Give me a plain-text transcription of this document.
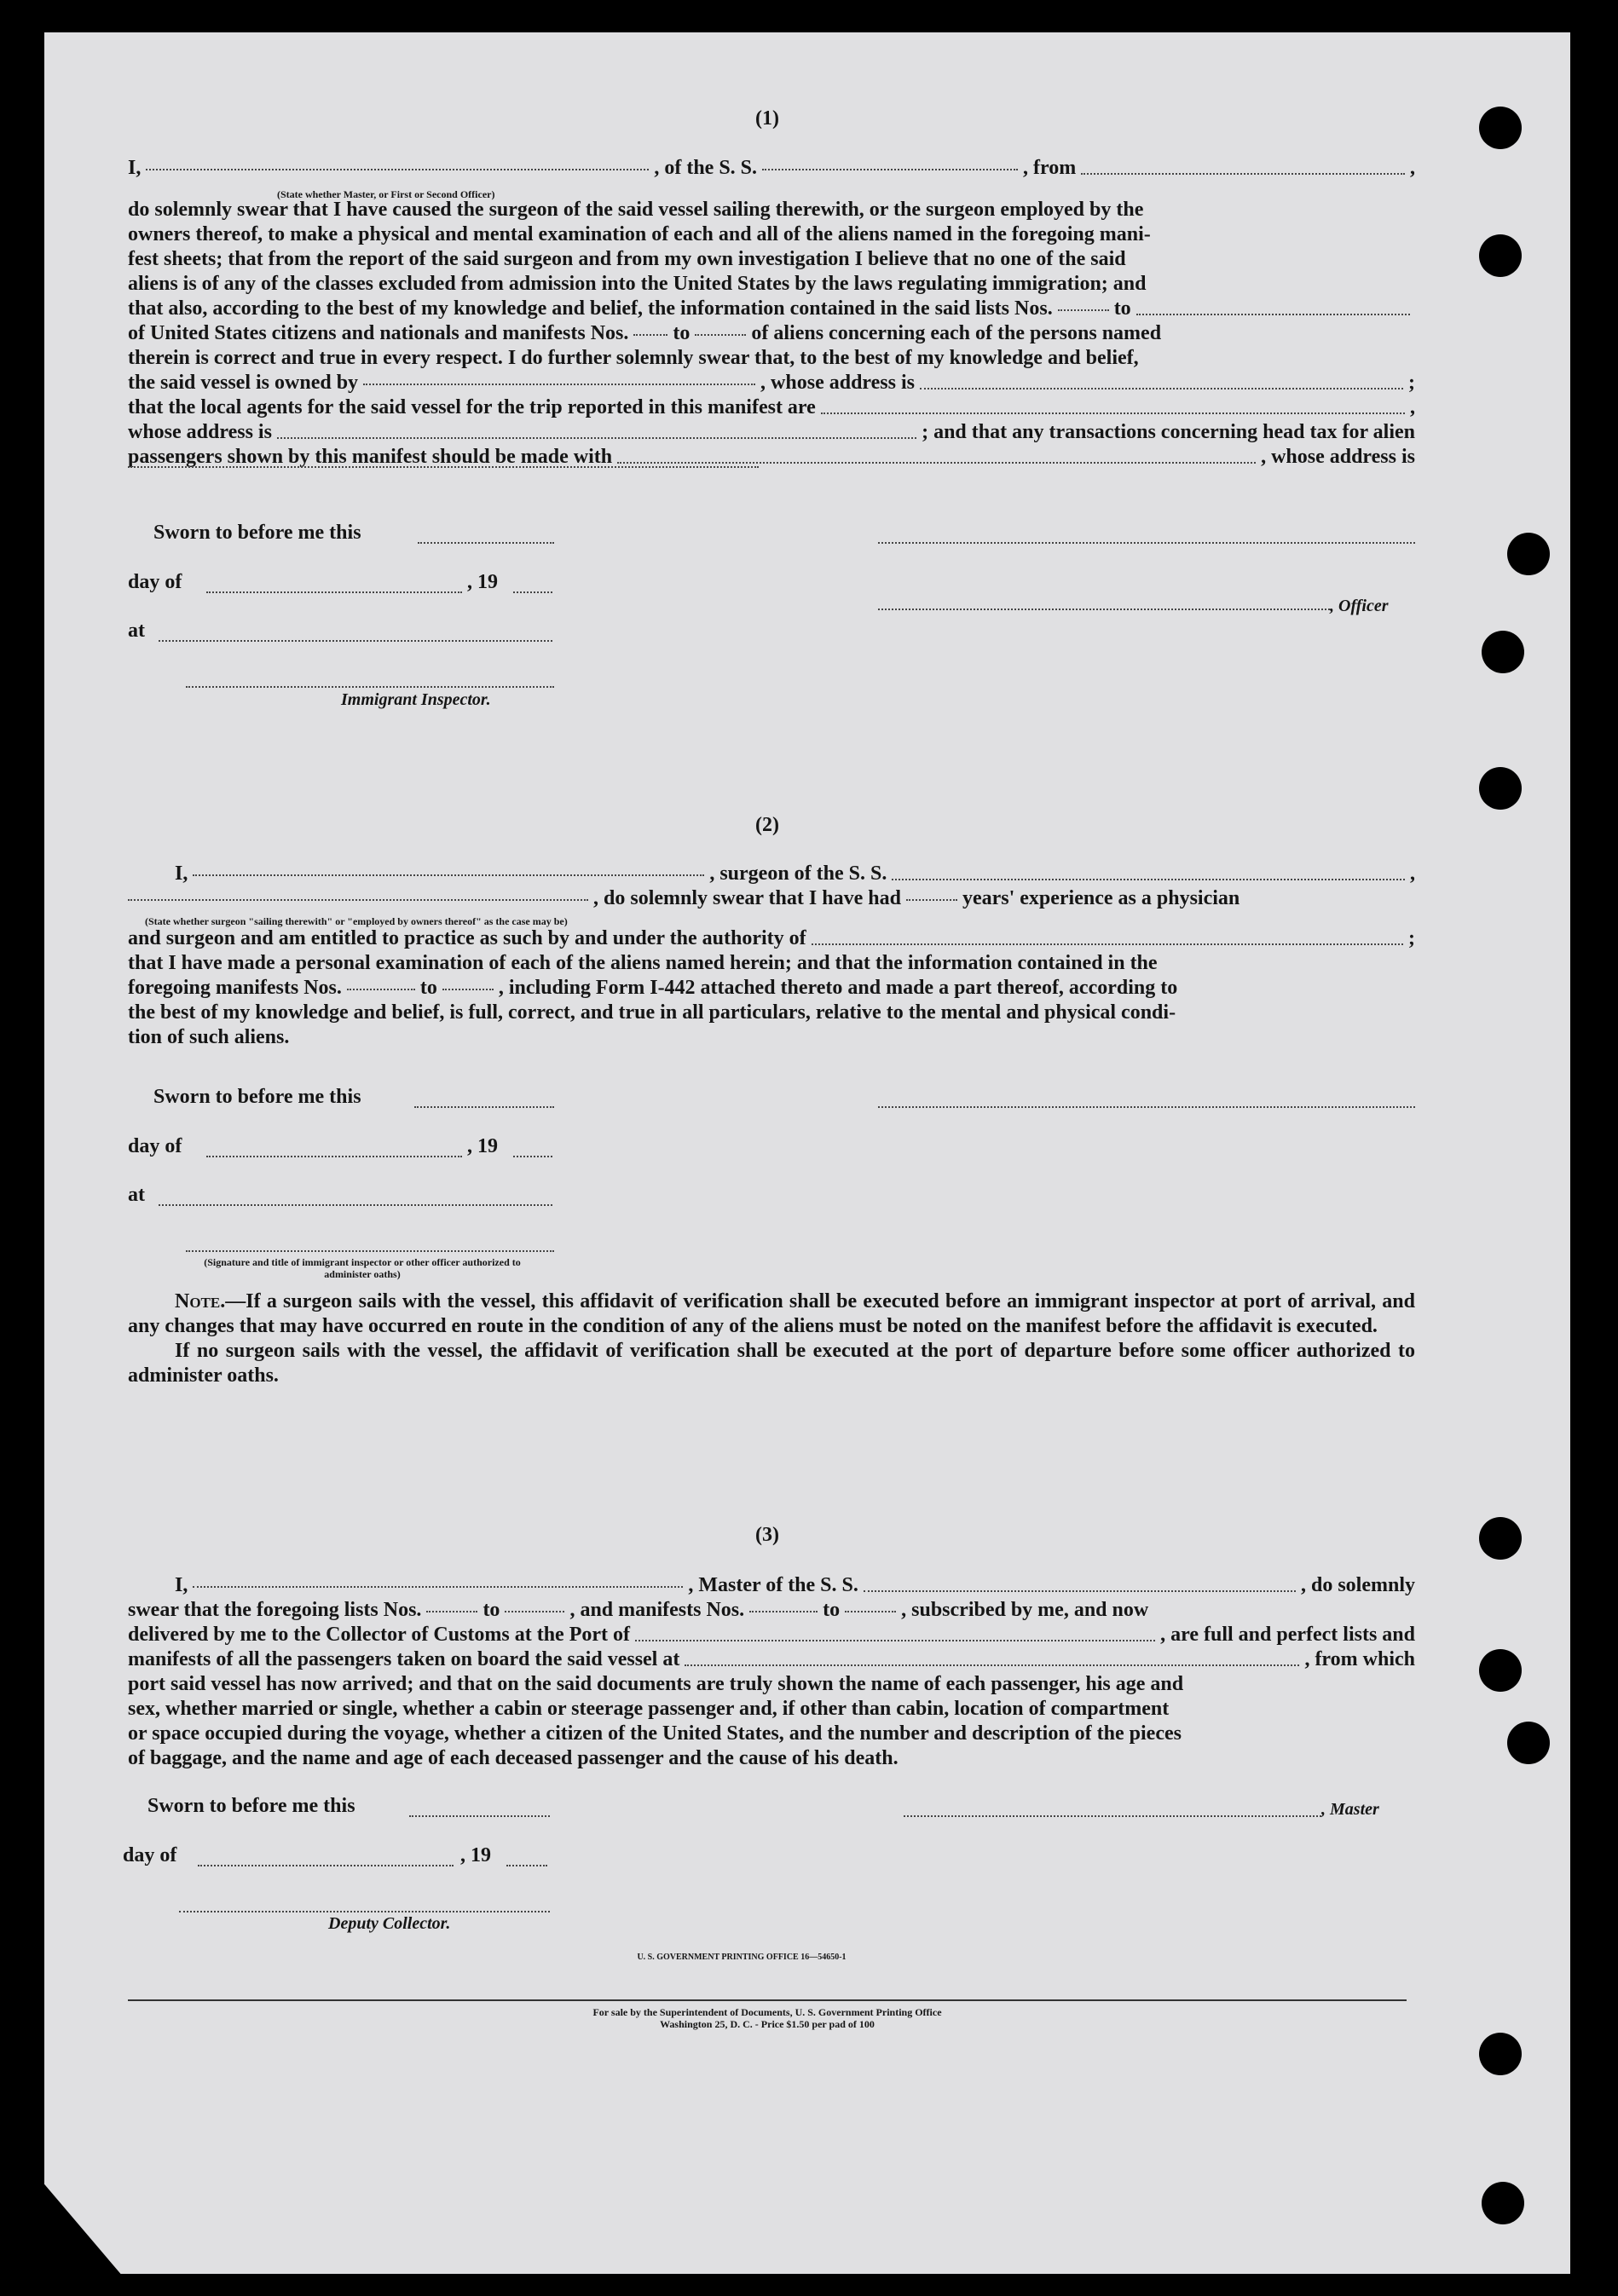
(1)
I,	, of the S. S.	, from	,
(State whether Master, or First or Second Officer)
do solemnly swear that I have caused the surgeon of the said vessel sailing therewith, or the surgeon employed by the
owners thereof, to make a physical and mental examination of each and all of the aliens named in the foregoing mani-
fest sheets; that from the report of the said surgeon and from my own investigation I believe that no one of the said
aliens is of any of the classes excluded from admission into the United States by the laws regulating immigration; and
that also, according to the best of my knowledge and belief, the information contained in the said lists Nos.	to
of United States citizens and nationals and manifests Nos. to	of aliens concerning each of the persons named
therein is correct and true in every respect. I do further solemnly swear that, to the best of my knowledge and belief,
the said vessel is owned by	, whose address is	;
that the local agents for the said vessel for the trip reported in this manifest are	,
whose address is	; and that any transactions concerning head tax for alien
passengers shown by this manifest should be made with	, whose address is
Sworn to before me this
day of	, 19
, Officer
at
Immigrant Inspector.
(2)
I,	, surgeon of the S. S.	,
, do solemnly swear that I have had	years' experience as a physician
(State whether surgeon "sailing therewith" or "employed by owners thereof" as the case may be)
and surgeon and am entitled to practice as such by and under the authority of	;
that I have made a personal examination of each of the aliens named herein; and that the information contained in the
foregoing manifests Nos.	to	, including Form I-442 attached thereto and made a part thereof, according to
the best of my knowledge and belief, is full, correct, and true in all particulars, relative to the mental and physical condi-
tion of such aliens.
Sworn to before me this
day of	, 19
at
(Signature and title of immigrant inspector or other officer authorized to administer oaths)

Note.—If a surgeon sails with the vessel, this affidavit of verification shall be executed before an immigrant inspector at port of arrival, and any changes that may have occurred en route in the condition of any of the aliens must be noted on the manifest before the affidavit is executed.

If no surgeon sails with the vessel, the affidavit of verification shall be executed at the port of departure before some officer authorized to administer oaths.

(3)
I,	, Master of the S. S.	, do solemnly
swear that the foregoing lists Nos.	to	, and manifests Nos.	to	, subscribed by me, and now
delivered by me to the Collector of Customs at the Port of	, are full and perfect lists and
manifests of all the passengers taken on board the said vessel at	, from which
port said vessel has now arrived; and that on the said documents are truly shown the name of each passenger, his age and
sex, whether married or single, whether a cabin or steerage passenger and, if other than cabin, location of compartment
or space occupied during the voyage, whether a citizen of the United States, and the number and description of the pieces
of baggage, and the name and age of each deceased passenger and the cause of his death.
Sworn to before me this	, Master
day of	, 19
Deputy Collector.
U. S. GOVERNMENT PRINTING OFFICE 16—54650-1
For sale by the Superintendent of Documents, U. S. Government Printing Office
Washington 25, D. C. - Price $1.50 per pad of 100
